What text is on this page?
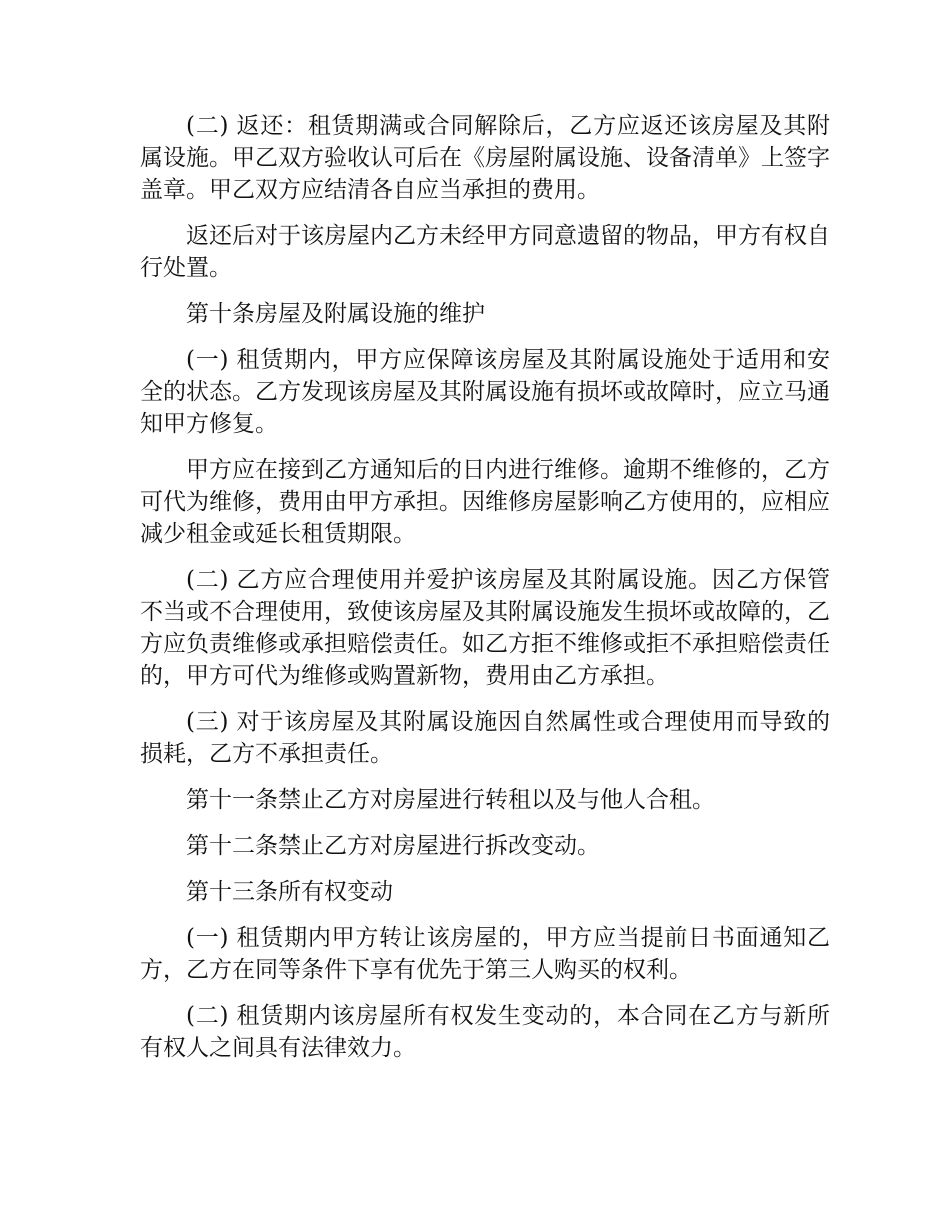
(二) 返还：租赁期满或合同解除后，乙方应返还该房屋及其附属设施。甲乙双方验收认可后在《房屋附属设施、设备清单》上签字盖章。甲乙双方应结清各自应当承担的费用。

返还后对于该房屋内乙方未经甲方同意遗留的物品，甲方有权自行处置。

第十条房屋及附属设施的维护

(一) 租赁期内，甲方应保障该房屋及其附属设施处于适用和安全的状态。乙方发现该房屋及其附属设施有损坏或故障时，应立马通知甲方修复。

甲方应在接到乙方通知后的日内进行维修。逾期不维修的，乙方可代为维修，费用由甲方承担。因维修房屋影响乙方使用的，应相应减少租金或延长租赁期限。

(二) 乙方应合理使用并爱护该房屋及其附属设施。因乙方保管不当或不合理使用，致使该房屋及其附属设施发生损坏或故障的，乙方应负责维修或承担赔偿责任。如乙方拒不维修或拒不承担赔偿责任的，甲方可代为维修或购置新物，费用由乙方承担。

(三) 对于该房屋及其附属设施因自然属性或合理使用而导致的损耗，乙方不承担责任。

第十一条禁止乙方对房屋进行转租以及与他人合租。

第十二条禁止乙方对房屋进行拆改变动。

第十三条所有权变动

(一) 租赁期内甲方转让该房屋的，甲方应当提前日书面通知乙方，乙方在同等条件下享有优先于第三人购买的权利。

(二) 租赁期内该房屋所有权发生变动的，本合同在乙方与新所有权人之间具有法律效力。
